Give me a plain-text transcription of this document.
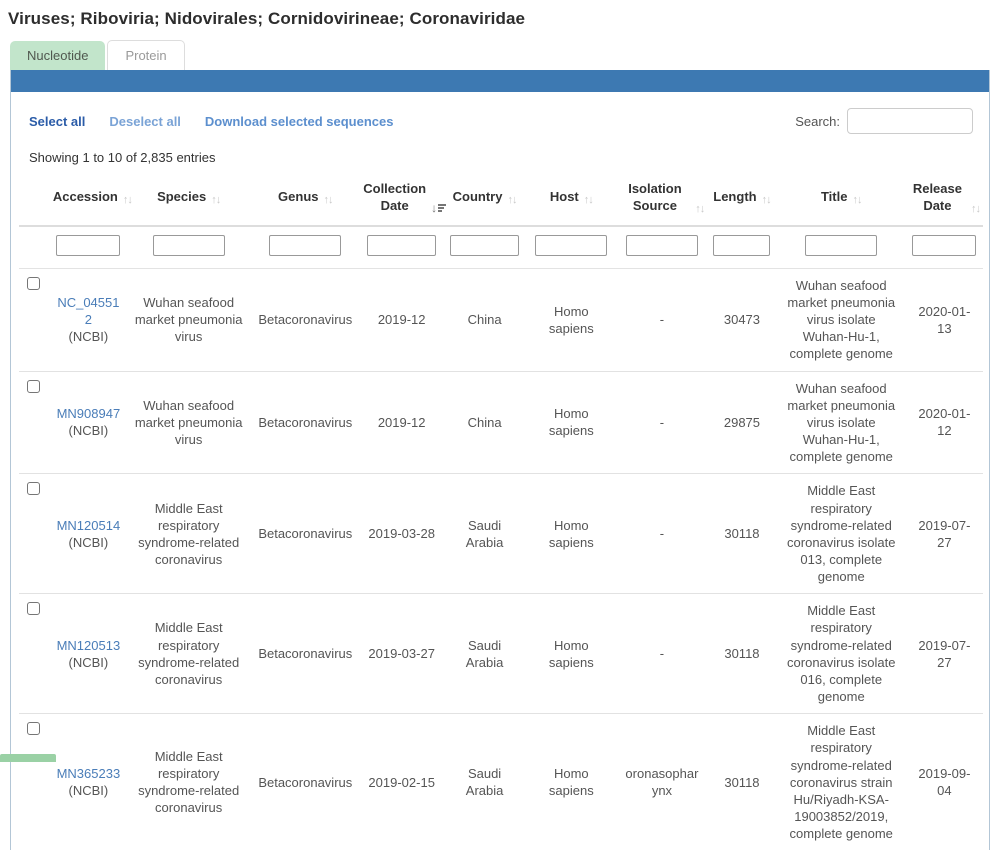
Viruses; Riboviria; Nidovirales; Cornidovirineae; Coronaviridae
Nucleotide	Protein
Select all Deselect all Download selected sequences	Search:
Showing 1 to 10 of 2,835 entries

	Accession ↑↓	Species ↑↓	Genus ↑↓	Collection Date ↓	Country ↑↓	Host ↑↓	Isolation Source ↑↓	Length ↑↓	Title ↑↓	Release Date ↑↓

NC_045512
(NCBI)	Wuhan seafood market pneumonia virus	Betacoronavirus	2019-12	China	Homo sapiens	-	30473	Wuhan seafood market pneumonia virus isolate Wuhan-Hu-1, complete genome	2020-01-13

MN908947
(NCBI)	Wuhan seafood market pneumonia virus	Betacoronavirus	2019-12	China	Homo sapiens	-	29875	Wuhan seafood market pneumonia virus isolate Wuhan-Hu-1, complete genome	2020-01-12

MN120514
(NCBI)	Middle East respiratory syndrome-related coronavirus	Betacoronavirus	2019-03-28	Saudi Arabia	Homo sapiens	-	30118	Middle East respiratory syndrome-related coronavirus isolate 013, complete genome	2019-07-27

MN120513
(NCBI)	Middle East respiratory syndrome-related coronavirus	Betacoronavirus	2019-03-27	Saudi Arabia	Homo sapiens	-	30118	Middle East respiratory syndrome-related coronavirus isolate 016, complete genome	2019-07-27

MN365233
(NCBI)	Middle East respiratory syndrome-related coronavirus	Betacoronavirus	2019-02-15	Saudi Arabia	Homo sapiens	oronasopharynx	30118	Middle East respiratory syndrome-related coronavirus strain Hu/Riyadh-KSA-19003852/2019, complete genome	2019-09-04
